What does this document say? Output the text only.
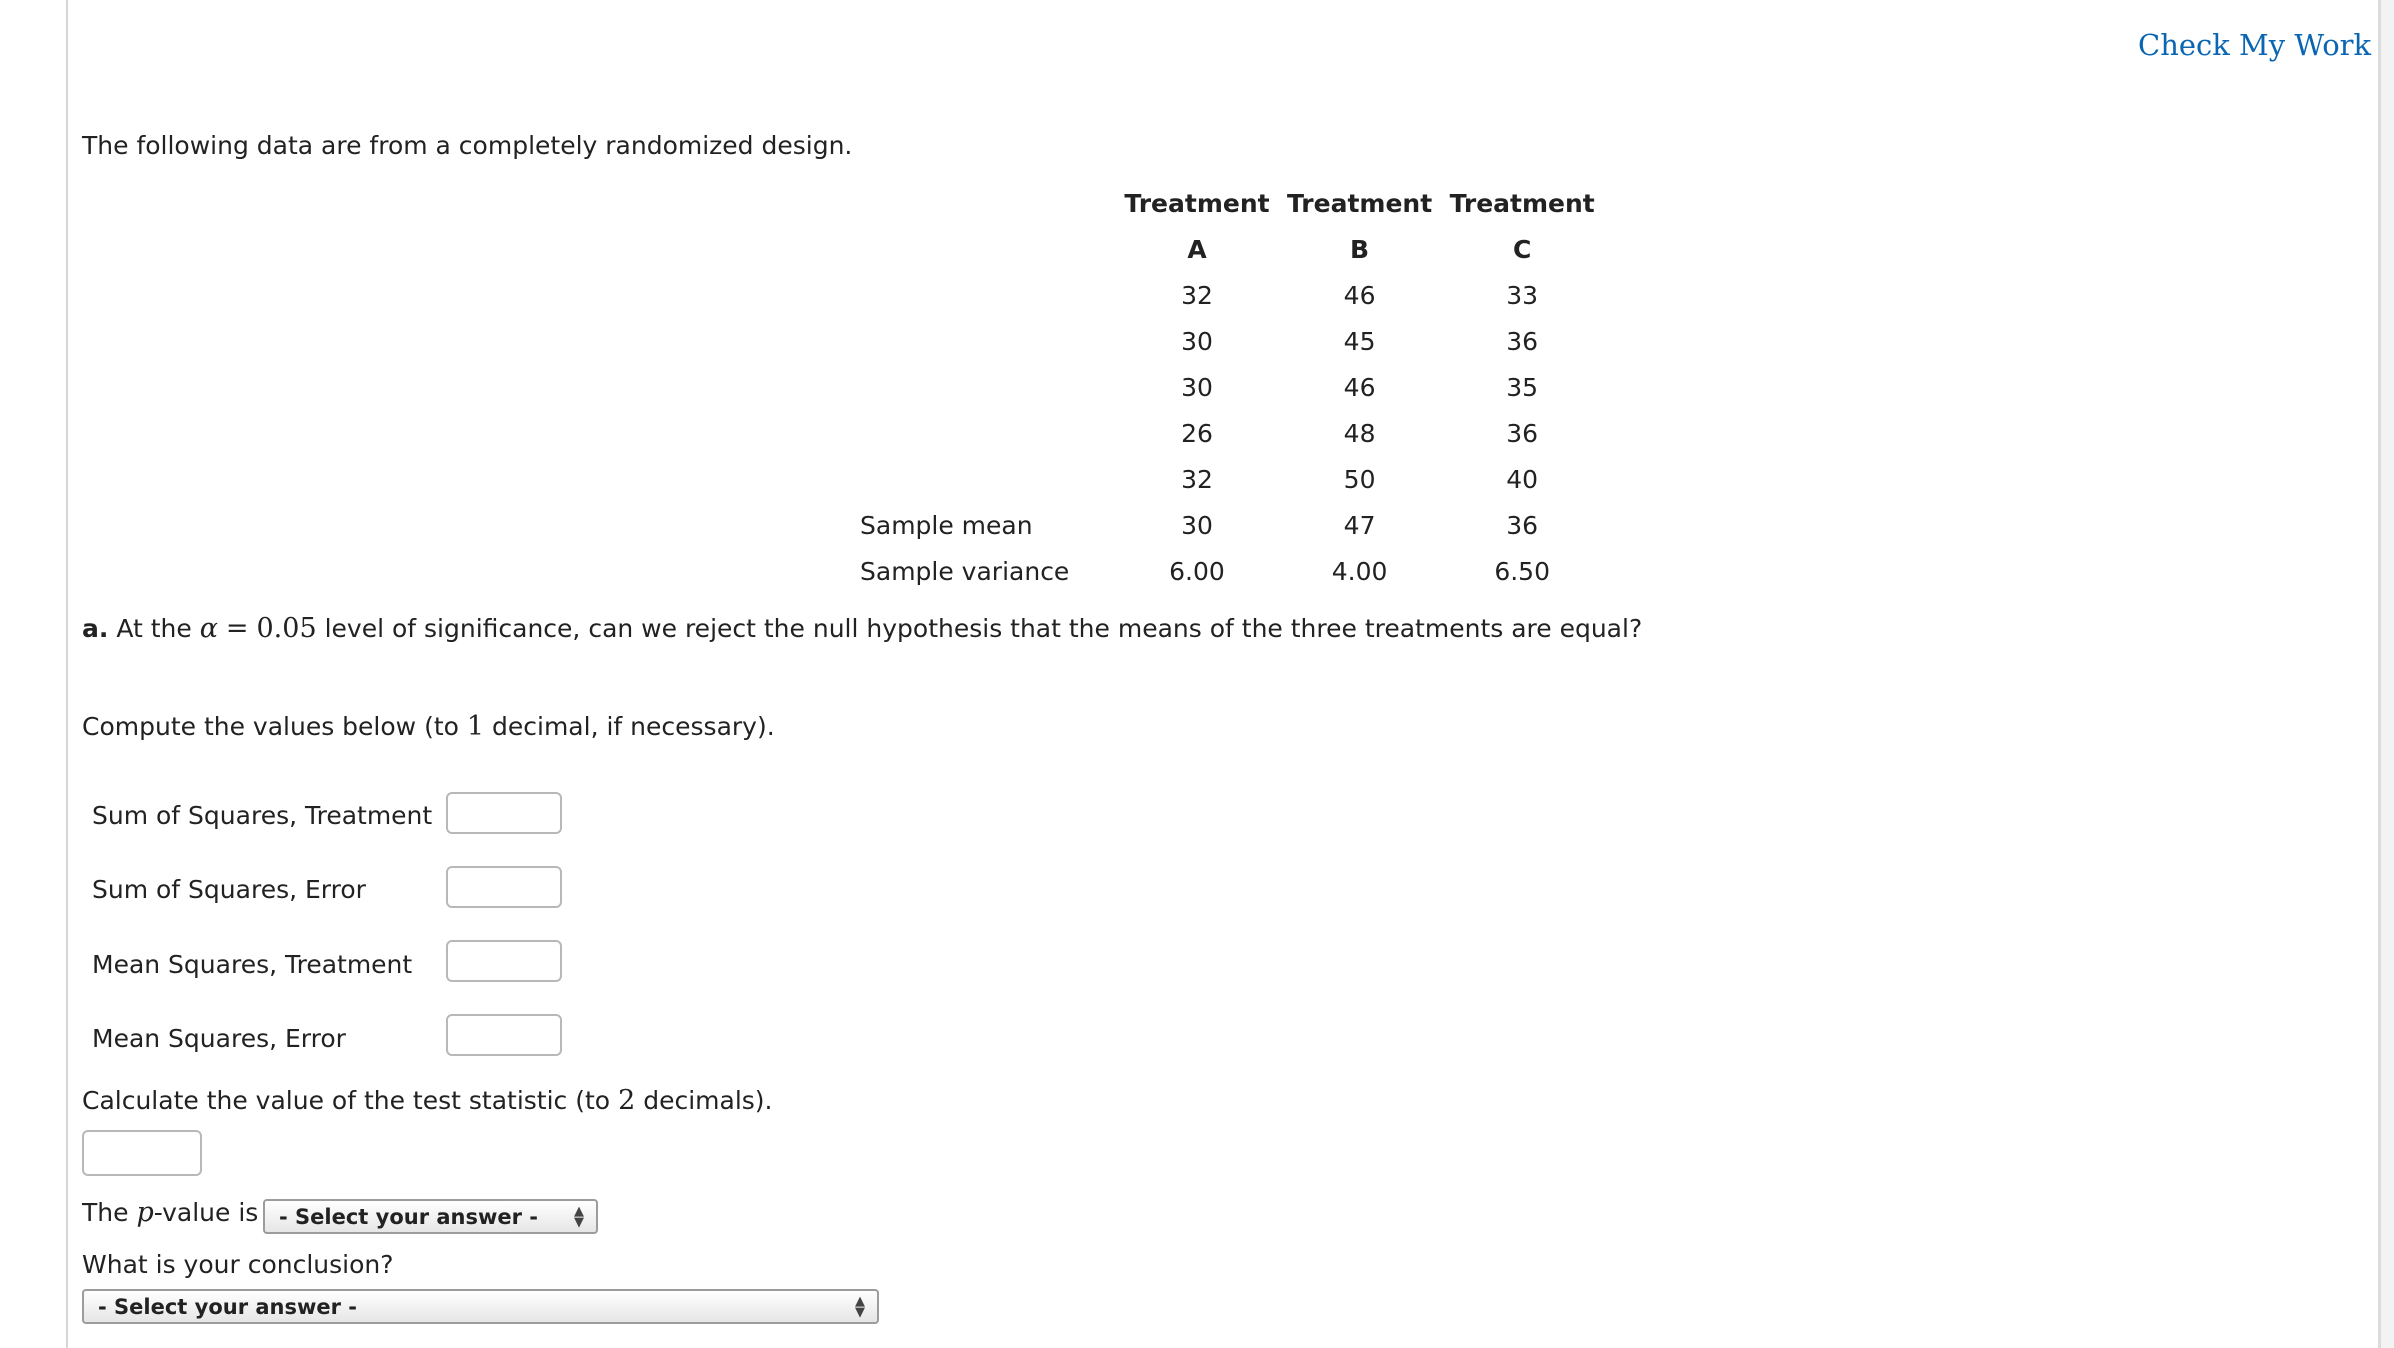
Check My Work
The following data are from a completely randomized design.
	Treatment	Treatment	Treatment
	A	B	C
	32	46	33
	30	45	36
	30	46	35
	26	48	36
	32	50	40
Sample mean	30	47	36
Sample variance	6.00	4.00	6.50
a. At the α = 0.05 level of significance, can we reject the null hypothesis that the means of the three treatments are equal?
Compute the values below (to 1 decimal, if necessary).
Sum of Squares, Treatment
Sum of Squares, Error
Mean Squares, Treatment
Mean Squares, Error
Calculate the value of the test statistic (to 2 decimals).
The p-value is - Select your answer -	▲
▼
What is your conclusion?
- Select your answer -	▲
▼
